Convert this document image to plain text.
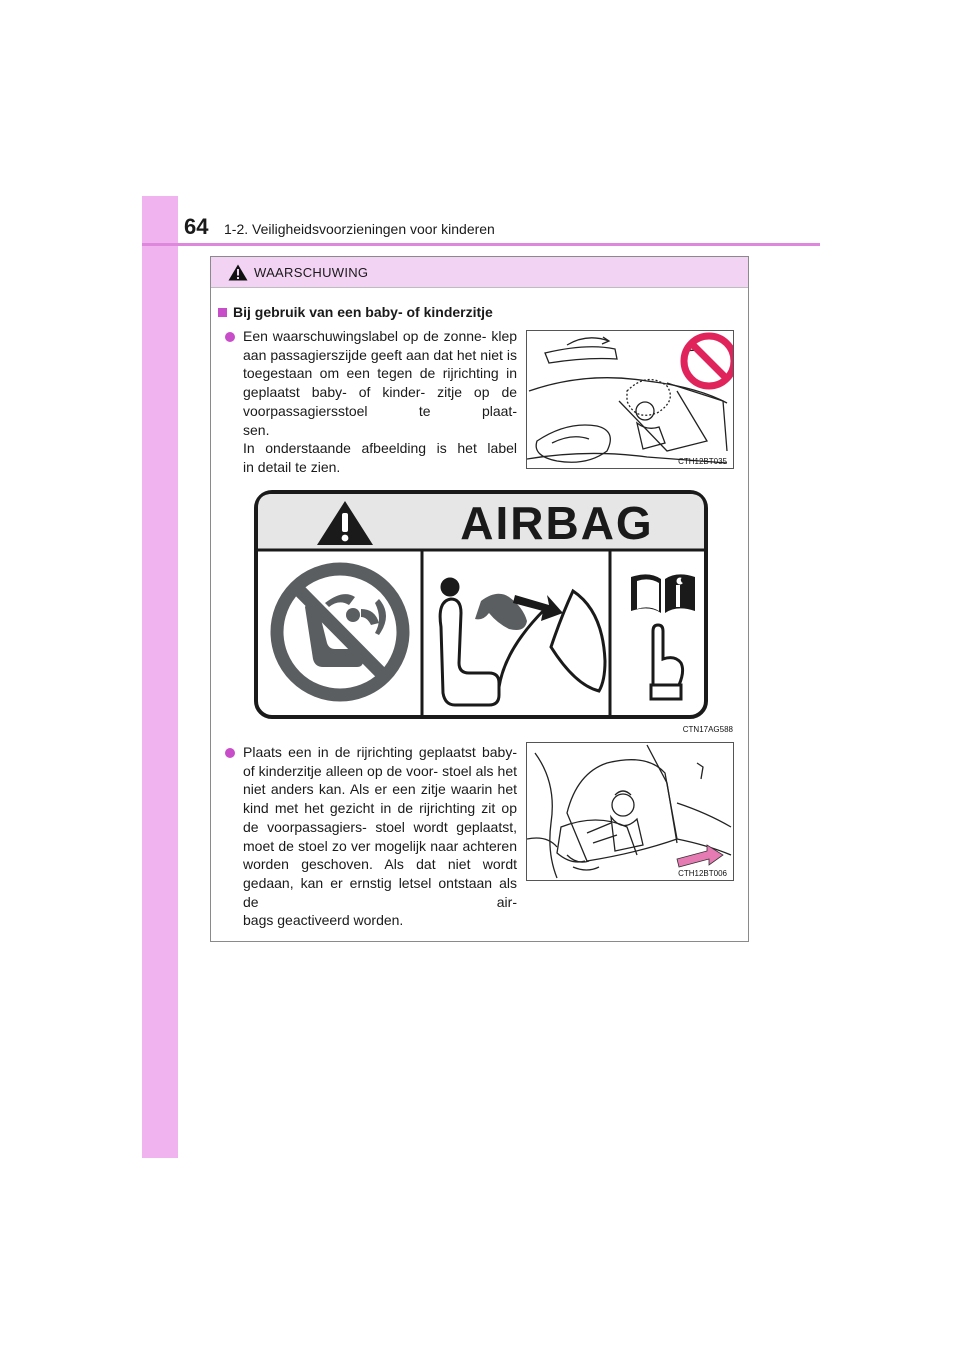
64 1-2. Veiligheidsvoorzieningen voor kinderen
WAARSCHUWING
Bij gebruik van een baby- of kinderzitje
Een waarschuwingslabel op de zonne- klep aan passagierszijde geeft aan dat het niet is toegestaan om een tegen de rijrichting in geplaatst baby- of kinder- zitje op de voorpassagiersstoel te plaat-
sen.
In onderstaande afbeelding is het label
in detail te zien.	CTH12BT035
AIRBAG
CTN17AG588
Plaats een in de rijrichting geplaatst baby- of kinderzitje alleen op de voor- stoel als het niet anders kan. Als er een zitje waarin het kind met het gezicht in de rijrichting zit op de voorpassagiers- stoel wordt geplaatst, moet de stoel zo ver mogelijk naar achteren worden geschoven. Als dat niet wordt gedaan, kan er ernstig letsel ontstaan als de air-
bags geactiveerd worden.
CTH12BT006
